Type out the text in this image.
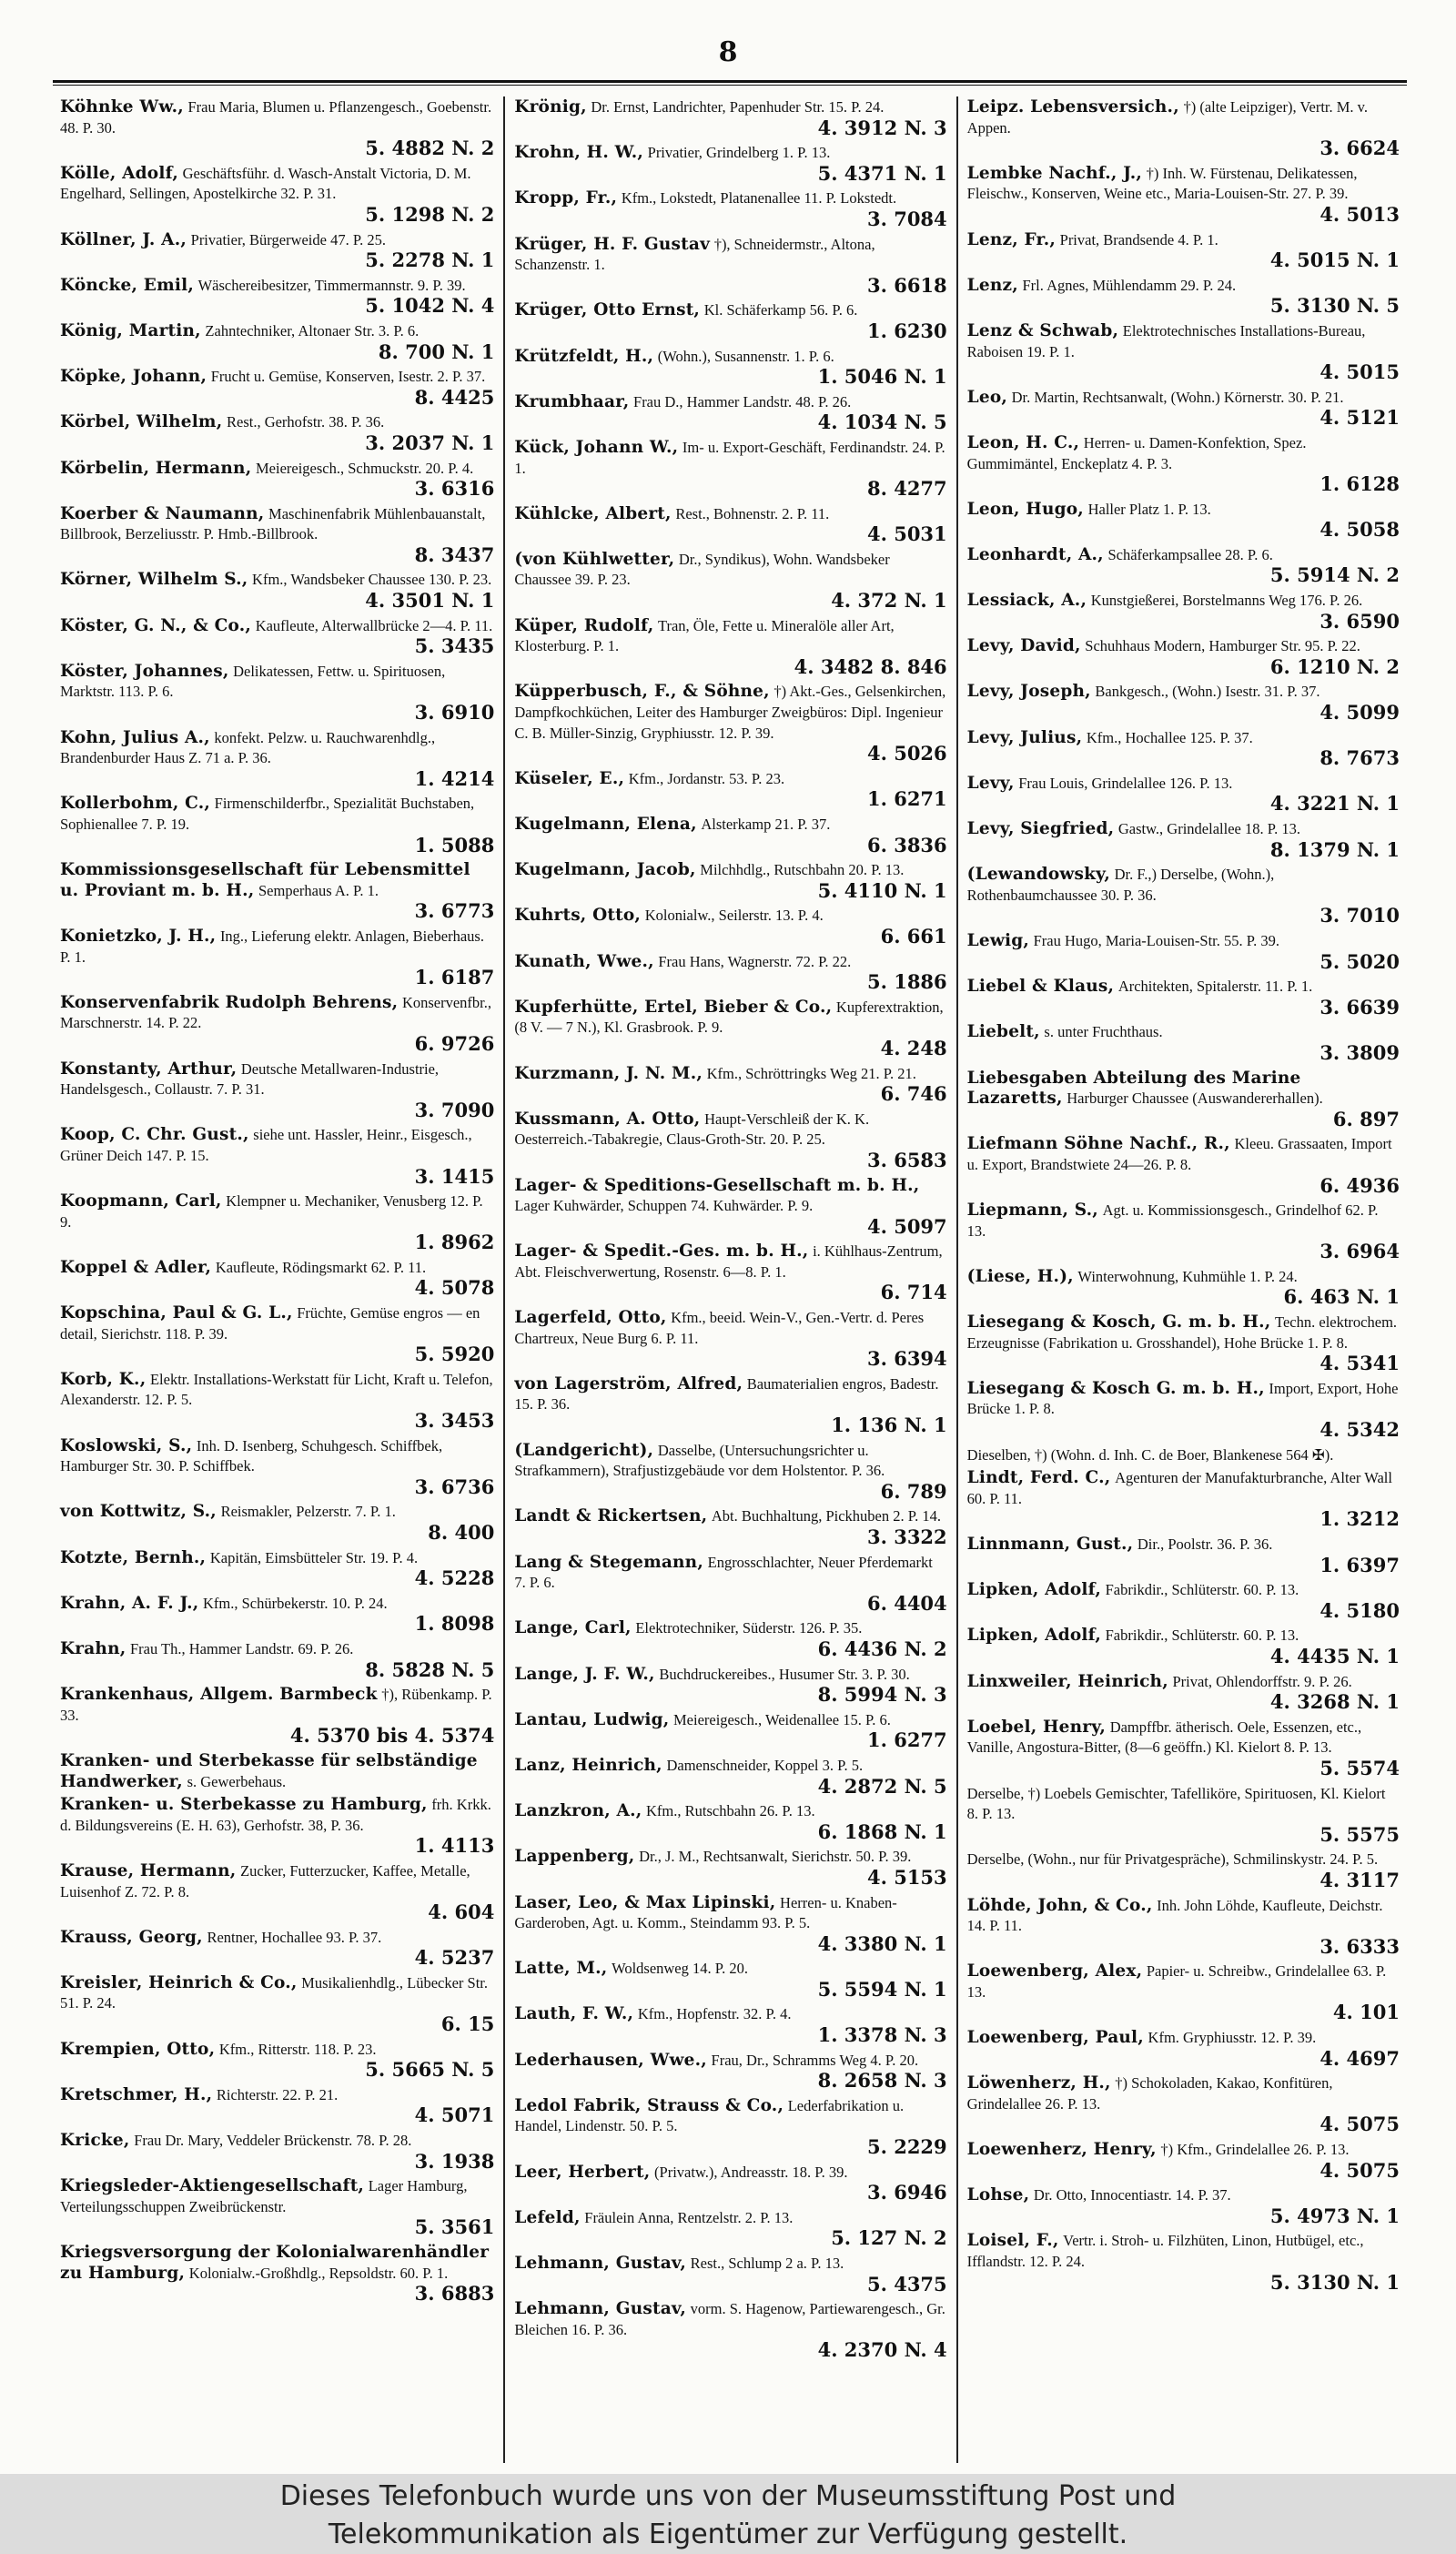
8
Köhnke Ww., Frau Maria, Blumen u. Pflanzengesch., Goebenstr. 48. P. 30.
5. 4882 N. 2
Kölle, Adolf, Geschäftsführ. d. Wasch-Anstalt Victoria, D. M. Engelhard, Sellingen, Apostelkirche 32. P. 31.
5. 1298 N. 2
Köllner, J. A., Privatier, Bürgerweide 47. P. 25.
5. 2278 N. 1
Köncke, Emil, Wäschereibesitzer, Timmermannstr. 9. P. 39.
5. 1042 N. 4
König, Martin, Zahntechniker, Altonaer Str. 3. P. 6.
8. 700 N. 1
Köpke, Johann, Frucht u. Gemüse, Konserven, Isestr. 2. P. 37.
8. 4425
Körbel, Wilhelm, Rest., Gerhofstr. 38. P. 36.
3. 2037 N. 1
Körbelin, Hermann, Meiereigesch., Schmuckstr. 20. P. 4.
3. 6316
Koerber & Naumann, Maschinenfabrik Mühlenbauanstalt, Billbrook, Berzeliusstr. P. Hmb.-Billbrook.
8. 3437
Körner, Wilhelm S., Kfm., Wandsbeker Chaussee 130. P. 23.
4. 3501 N. 1
Köster, G. N., & Co., Kaufleute, Alterwallbrücke 2—4. P. 11.
5. 3435
Köster, Johannes, Delikatessen, Fettw. u. Spirituosen, Marktstr. 113. P. 6.
3. 6910
Kohn, Julius A., konfekt. Pelzw. u. Rauchwarenhdlg., Brandenburder Haus Z. 71 a. P. 36.
1. 4214
Kollerbohm, C., Firmenschilderfbr., Spezialität Buchstaben, Sophienallee 7. P. 19.
1. 5088
Kommissionsgesellschaft für Lebensmittel u. Proviant m. b. H., Semperhaus A. P. 1.
3. 6773
Konietzko, J. H., Ing., Lieferung elektr. Anlagen, Bieberhaus. P. 1.
1. 6187
Konservenfabrik Rudolph Behrens, Konservenfbr., Marschnerstr. 14. P. 22.
6. 9726
Konstanty, Arthur, Deutsche Metallwaren-Industrie, Handelsgesch., Collaustr. 7. P. 31.
3. 7090
Koop, C. Chr. Gust., siehe unt. Hassler, Heinr., Eisgesch., Grüner Deich 147. P. 15.
3. 1415
Koopmann, Carl, Klempner u. Mechaniker, Venusberg 12. P. 9.
1. 8962
Koppel & Adler, Kaufleute, Rödingsmarkt 62. P. 11.
4. 5078
Kopschina, Paul & G. L., Früchte, Gemüse engros — en detail, Sierichstr. 118. P. 39.
5. 5920
Korb, K., Elektr. Installations-Werkstatt für Licht, Kraft u. Telefon, Alexanderstr. 12. P. 5.
3. 3453
Koslowski, S., Inh. D. Isenberg, Schuhgesch. Schiffbek, Hamburger Str. 30. P. Schiffbek.
3. 6736
von Kottwitz, S., Reismakler, Pelzerstr. 7. P. 1.
8. 400
Kotzte, Bernh., Kapitän, Eimsbütteler Str. 19. P. 4.
4. 5228
Krahn, A. F. J., Kfm., Schürbekerstr. 10. P. 24.
1. 8098
Krahn, Frau Th., Hammer Landstr. 69. P. 26.
8. 5828 N. 5
Krankenhaus, Allgem. Barmbeck †), Rübenkamp. P. 33.
4. 5370 bis 4. 5374
Kranken- und Sterbekasse für selbständige Handwerker, s. Gewerbehaus.
Kranken- u. Sterbekasse zu Hamburg, frh. Krkk. d. Bildungsvereins (E. H. 63), Gerhofstr. 38, P. 36.
1. 4113
Krause, Hermann, Zucker, Futterzucker, Kaffee, Metalle, Luisenhof Z. 72. P. 8.
4. 604
Krauss, Georg, Rentner, Hochallee 93. P. 37.
4. 5237
Kreisler, Heinrich & Co., Musikalienhdlg., Lübecker Str. 51. P. 24.
6. 15
Krempien, Otto, Kfm., Ritterstr. 118. P. 23.
5. 5665 N. 5
Kretschmer, H., Richterstr. 22. P. 21.
4. 5071
Kricke, Frau Dr. Mary, Veddeler Brückenstr. 78. P. 28.
3. 1938
Kriegsleder-Aktiengesellschaft, Lager Hamburg, Verteilungsschuppen Zweibrückenstr.
5. 3561
Kriegsversorgung der Kolonialwarenhändler zu Hamburg, Kolonialw.-Großhdlg., Repsoldstr. 60. P. 1.
3. 6883
Krönig, Dr. Ernst, Landrichter, Papenhuder Str. 15. P. 24.
4. 3912 N. 3
Krohn, H. W., Privatier, Grindelberg 1. P. 13.
5. 4371 N. 1
Kropp, Fr., Kfm., Lokstedt, Platanenallee 11. P. Lokstedt.
3. 7084
Krüger, H. F. Gustav †), Schneidermstr., Altona, Schanzenstr. 1.
3. 6618
Krüger, Otto Ernst, Kl. Schäferkamp 56. P. 6.
1. 6230
Krützfeldt, H., (Wohn.), Susannenstr. 1. P. 6.
1. 5046 N. 1
Krumbhaar, Frau D., Hammer Landstr. 48. P. 26.
4. 1034 N. 5
Kück, Johann W., Im- u. Export-Geschäft, Ferdinandstr. 24. P. 1.
8. 4277
Kühlcke, Albert, Rest., Bohnenstr. 2. P. 11.
4. 5031
(von Kühlwetter, Dr., Syndikus), Wohn. Wandsbeker Chaussee 39. P. 23.
4. 372 N. 1
Küper, Rudolf, Tran, Öle, Fette u. Mineralöle aller Art, Klosterburg. P. 1.
4. 3482 8. 846
Küpperbusch, F., & Söhne, †) Akt.-Ges., Gelsenkirchen, Dampfkochküchen, Leiter des Hamburger Zweigbüros: Dipl. Ingenieur C. B. Müller-Sinzig, Gryphiusstr. 12. P. 39.
4. 5026
Küseler, E., Kfm., Jordanstr. 53. P. 23.
1. 6271
Kugelmann, Elena, Alsterkamp 21. P. 37.
6. 3836
Kugelmann, Jacob, Milchhdlg., Rutschbahn 20. P. 13.
5. 4110 N. 1
Kuhrts, Otto, Kolonialw., Seilerstr. 13. P. 4.
6. 661
Kunath, Wwe., Frau Hans, Wagnerstr. 72. P. 22.
5. 1886
Kupferhütte, Ertel, Bieber & Co., Kupferextraktion, (8 V. — 7 N.), Kl. Grasbrook. P. 9.
4. 248
Kurzmann, J. N. M., Kfm., Schröttringks Weg 21. P. 21.
6. 746
Kussmann, A. Otto, Haupt-Verschleiß der K. K. Oesterreich.-Tabakregie, Claus-Groth-Str. 20. P. 25.
3. 6583
Lager- & Speditions-Gesellschaft m. b. H., Lager Kuhwärder, Schuppen 74. Kuhwärder. P. 9.
4. 5097
Lager- & Spedit.-Ges. m. b. H., i. Kühlhaus-Zentrum, Abt. Fleischverwertung, Rosenstr. 6—8. P. 1.
6. 714
Lagerfeld, Otto, Kfm., beeid. Wein-V., Gen.-Vertr. d. Peres Chartreux, Neue Burg 6. P. 11.
3. 6394
von Lagerström, Alfred, Baumaterialien engros, Badestr. 15. P. 36.
1. 136 N. 1
(Landgericht), Dasselbe, (Untersuchungsrichter u. Strafkammern), Strafjustizgebäude vor dem Holstentor. P. 36.
6. 789
Landt & Rickertsen, Abt. Buchhaltung, Pickhuben 2. P. 14.
3. 3322
Lang & Stegemann, Engrosschlachter, Neuer Pferdemarkt 7. P. 6.
6. 4404
Lange, Carl, Elektrotechniker, Süderstr. 126. P. 35.
6. 4436 N. 2
Lange, J. F. W., Buchdruckereibes., Husumer Str. 3. P. 30.
8. 5994 N. 3
Lantau, Ludwig, Meiereigesch., Weidenallee 15. P. 6.
1. 6277
Lanz, Heinrich, Damenschneider, Koppel 3. P. 5.
4. 2872 N. 5
Lanzkron, A., Kfm., Rutschbahn 26. P. 13.
6. 1868 N. 1
Lappenberg, Dr., J. M., Rechtsanwalt, Sierichstr. 50. P. 39.
4. 5153
Laser, Leo, & Max Lipinski, Herren- u. Knaben-Garderoben, Agt. u. Komm., Steindamm 93. P. 5.
4. 3380 N. 1
Latte, M., Woldsenweg 14. P. 20.
5. 5594 N. 1
Lauth, F. W., Kfm., Hopfenstr. 32. P. 4.
1. 3378 N. 3
Lederhausen, Wwe., Frau, Dr., Schramms Weg 4. P. 20.
8. 2658 N. 3
Ledol Fabrik, Strauss & Co., Lederfabrikation u. Handel, Lindenstr. 50. P. 5.
5. 2229
Leer, Herbert, (Privatw.), Andreasstr. 18. P. 39.
3. 6946
Lefeld, Fräulein Anna, Rentzelstr. 2. P. 13.
5. 127 N. 2
Lehmann, Gustav, Rest., Schlump 2 a. P. 13.
5. 4375
Lehmann, Gustav, vorm. S. Hagenow, Partiewarengesch., Gr. Bleichen 16. P. 36.
4. 2370 N. 4
Leipz. Lebensversich., †) (alte Leipziger), Vertr. M. v. Appen.
3. 6624
Lembke Nachf., J., †) Inh. W. Fürstenau, Delikatessen, Fleischw., Konserven, Weine etc., Maria-Louisen-Str. 27. P. 39.
4. 5013
Lenz, Fr., Privat, Brandsende 4. P. 1.
4. 5015 N. 1
Lenz, Frl. Agnes, Mühlendamm 29. P. 24.
5. 3130 N. 5
Lenz & Schwab, Elektrotechnisches Installations-Bureau, Raboisen 19. P. 1.
4. 5015
Leo, Dr. Martin, Rechtsanwalt, (Wohn.) Körnerstr. 30. P. 21.
4. 5121
Leon, H. C., Herren- u. Damen-Konfektion, Spez. Gummimäntel, Enckeplatz 4. P. 3.
1. 6128
Leon, Hugo, Haller Platz 1. P. 13.
4. 5058
Leonhardt, A., Schäferkampsallee 28. P. 6.
5. 5914 N. 2
Lessiack, A., Kunstgießerei, Borstelmanns Weg 176. P. 26.
3. 6590
Levy, David, Schuhhaus Modern, Hamburger Str. 95. P. 22.
6. 1210 N. 2
Levy, Joseph, Bankgesch., (Wohn.) Isestr. 31. P. 37.
4. 5099
Levy, Julius, Kfm., Hochallee 125. P. 37.
8. 7673
Levy, Frau Louis, Grindelallee 126. P. 13.
4. 3221 N. 1
Levy, Siegfried, Gastw., Grindelallee 18. P. 13.
8. 1379 N. 1
(Lewandowsky, Dr. F.,) Derselbe, (Wohn.), Rothenbaumchaussee 30. P. 36.
3. 7010
Lewig, Frau Hugo, Maria-Louisen-Str. 55. P. 39.
5. 5020
Liebel & Klaus, Architekten, Spitalerstr. 11. P. 1.
3. 6639
Liebelt, s. unter Fruchthaus.
3. 3809
Liebesgaben Abteilung des Marine Lazaretts, Harburger Chaussee (Auswandererhallen).
6. 897
Liefmann Söhne Nachf., R., Kleeu. Grassaaten, Import u. Export, Brandstwiete 24—26. P. 8.
6. 4936
Liepmann, S., Agt. u. Kommissionsgesch., Grindelhof 62. P. 13.
3. 6964
(Liese, H.), Winterwohnung, Kuhmühle 1. P. 24.
6. 463 N. 1
Liesegang & Kosch, G. m. b. H., Techn. elektrochem. Erzeugnisse (Fabrikation u. Grosshandel), Hohe Brücke 1. P. 8.
4. 5341
Liesegang & Kosch G. m. b. H., Import, Export, Hohe Brücke 1. P. 8.
4. 5342
Dieselben, †) (Wohn. d. Inh. C. de Boer, Blankenese 564 ✠).
Lindt, Ferd. C., Agenturen der Manufakturbranche, Alter Wall 60. P. 11.
1. 3212
Linnmann, Gust., Dir., Poolstr. 36. P. 36.
1. 6397
Lipken, Adolf, Fabrikdir., Schlüterstr. 60. P. 13.
4. 5180
Lipken, Adolf, Fabrikdir., Schlüterstr. 60. P. 13.
4. 4435 N. 1
Linxweiler, Heinrich, Privat, Ohlendorffstr. 9. P. 26.
4. 3268 N. 1
Loebel, Henry, Dampffbr. ätherisch. Oele, Essenzen, etc., Vanille, Angostura-Bitter, (8—6 geöffn.) Kl. Kielort 8. P. 13.
5. 5574
Derselbe, †) Loebels Gemischter, Tafelliköre, Spirituosen, Kl. Kielort 8. P. 13.
5. 5575
Derselbe, (Wohn., nur für Privatgespräche), Schmilinskystr. 24. P. 5.
4. 3117
Löhde, John, & Co., Inh. John Löhde, Kaufleute, Deichstr. 14. P. 11.
3. 6333
Loewenberg, Alex, Papier- u. Schreibw., Grindelallee 63. P. 13.
4. 101
Loewenberg, Paul, Kfm. Gryphiusstr. 12. P. 39.
4. 4697
Löwenherz, H., †) Schokoladen, Kakao, Konfitüren, Grindelallee 26. P. 13.
4. 5075
Loewenherz, Henry, †) Kfm., Grindelallee 26. P. 13.
4. 5075
Lohse, Dr. Otto, Innocentiastr. 14. P. 37.
5. 4973 N. 1
Loisel, F., Vertr. i. Stroh- u. Filzhüten, Linon, Hutbügel, etc., Ifflandstr. 12. P. 24.
5. 3130 N. 1
Dieses Telefonbuch wurde uns von der Museumsstiftung Post und
Telekommunikation als Eigentümer zur Verfügung gestellt.
